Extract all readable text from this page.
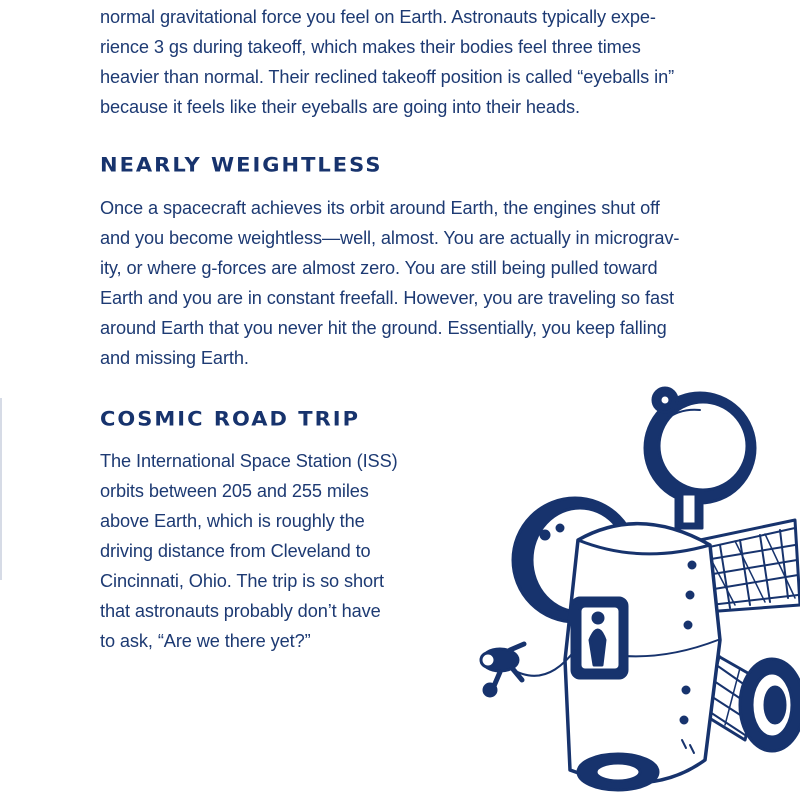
normal gravitational force you feel on Earth. Astronauts typically expe-
rience 3 gs during takeoff, which makes their bodies feel three times
heavier than normal. Their reclined takeoff position is called “eyeballs in”
because it feels like their eyeballs are going into their heads.

NEARLY WEIGHTLESS

Once a spacecraft achieves its orbit around Earth, the engines shut off
and you become weightless—well, almost. You are actually in micrograv-
ity, or where g-forces are almost zero. You are still being pulled toward
Earth and you are in constant freefall. However, you are traveling so fast
around Earth that you never hit the ground. Essentially, you keep falling
and missing Earth.

COSMIC ROAD TRIP

The International Space Station (ISS)
orbits between 205 and 255 miles
above Earth, which is roughly the
driving distance from Cleveland to
Cincinnati, Ohio. The trip is so short
that astronauts probably don’t have
to ask, “Are we there yet?”
